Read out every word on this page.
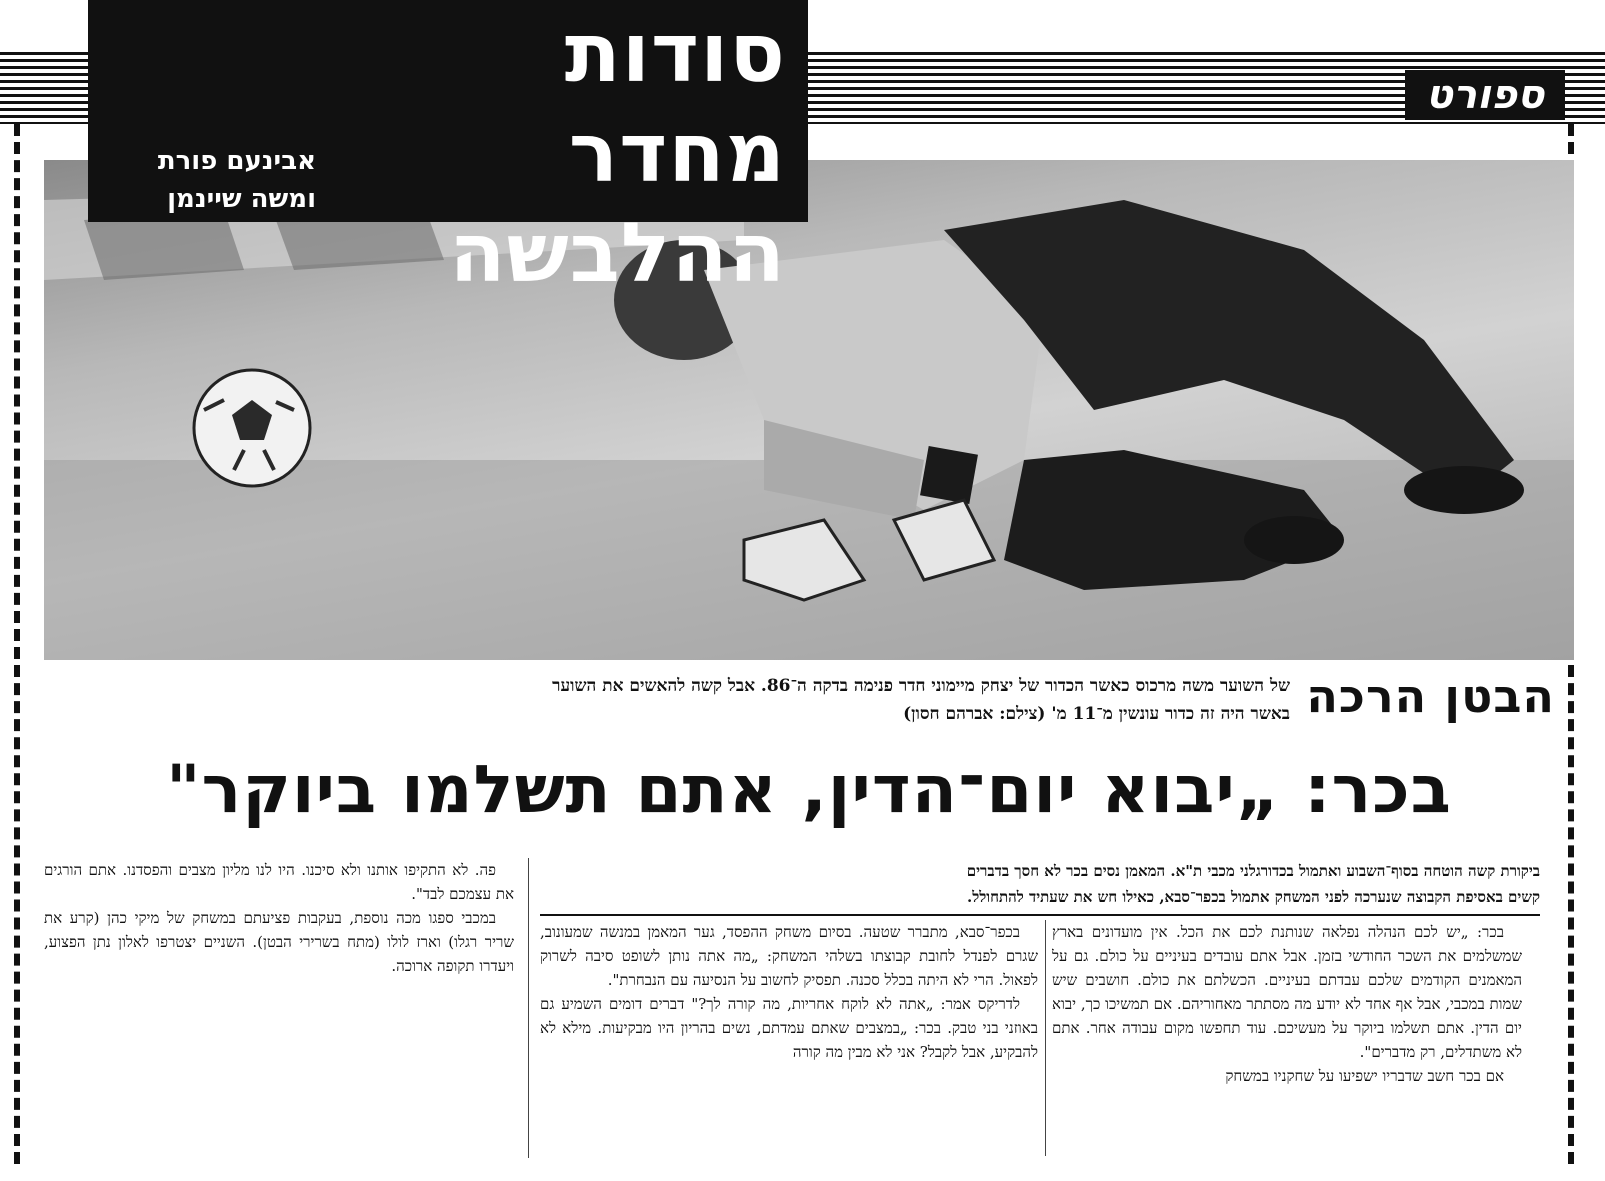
ספורט
סודות מחדר
ההלבשה
אבינעם פורת
ומשה שיינמן
הבטן הרכה
של השוער משה מרכוס כאשר הכדור של יצחק מיימוני חדר פנימה בדקה ה־86. אבל קשה להאשים את השוער
באשר היה זה כדור עונשין מ־11 מ' (צילם: אברהם חסון)
בכר: „יבוא יום־הדין, אתם תשלמו ביוקר"
ביקורת קשה הוטחה בסוף־השבוע ואתמול בכדורגלני מכבי ת"א. המאמן נסים בכר לא חסך בדברים
קשים באסיפת הקבוצה שנערכה לפני המשחק אתמול בכפר־סבא, כאילו חש את שעתיד להתחולל.

בכר: „יש לכם הנהלה נפלאה שנותנת לכם את הכל. אין מועדונים בארץ שמשלמים את השכר החודשי בזמן. אבל אתם עובדים בעיניים על כולם. גם על המאמנים הקודמים שלכם עבדתם בעיניים. הכשלתם את כולם. חושבים שיש שמות במכבי, אבל אף אחד לא יודע מה מסתתר מאחוריהם. אם תמשיכו כך, יבוא יום הדין. אתם תשלמו ביוקר על מעשיכם. עוד תחפשו מקום עבודה אחר. אתם לא משתדלים, רק מדברים".

אם בכר חשב שדבריו ישפיעו על שחקניו במשחק

בכפר־סבא, מתברר שטעה. בסיום משחק ההפסד, גער המאמן במנשה שמעונוב, שגרם לפנדל לחובת קבוצתו בשלהי המשחק: „מה אתה נותן לשופט סיבה לשרוק לפאול. הרי לא היתה בכלל סכנה. תפסיק לחשוב על הנסיעה עם הנבחרת".

לדריקס אמר: „אתה לא לוקח אחריות, מה קורה לך?" דברים דומים השמיע גם באוזני בני טבק. בכר: „במצבים שאתם עמדתם, נשים בהריון היו מבקיעות. מילא לא להבקיע, אבל לקבל? אני לא מבין מה קורה

פה. לא התקיפו אותנו ולא סיכנו. היו לנו מליון מצבים והפסדנו. אתם הורגים את עצמכם לבד".

במכבי ספגו מכה נוספת, בעקבות פציעתם במשחק של מיקי כהן (קרע את שריר רגלו) וארז לולו (מתח בשרירי הבטן). השניים יצטרפו לאלון נתן הפצוע, ויעדרו תקופה ארוכה.
